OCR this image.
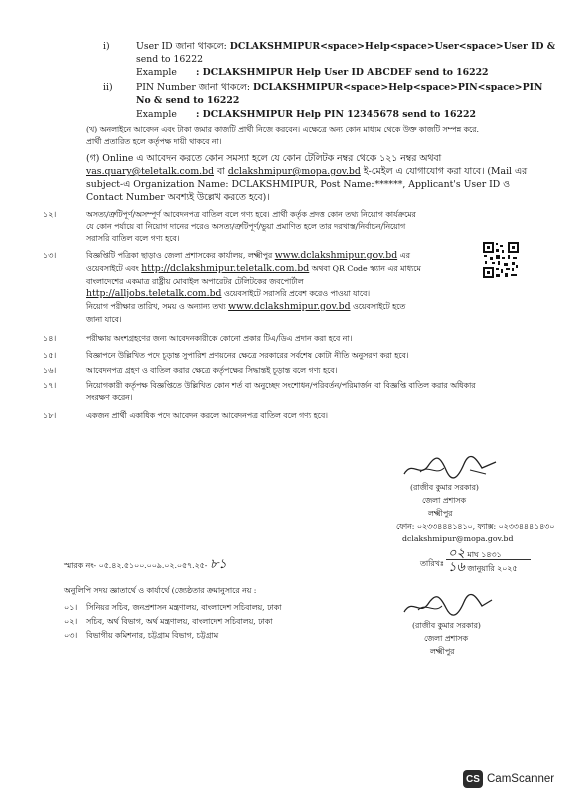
i)	User ID জানা থাকলে: DCLAKSHMIPUR<space>Help<space>User<space>User ID &
send to 16222
Example : DCLAKSHMIPUR Help User ID ABCDEF send to 16222
ii)	PIN Number জানা থাকলে: DCLAKSHMIPUR<space>Help<space>PIN<space>PIN
No & send to 16222
Example : DCLAKSHMIPUR Help PIN 12345678 send to 16222
(খ) অনলাইনে আবেদন এবং টাকা জমার কাজটি প্রার্থী নিজে করবেন। এক্ষেত্রে অন্য কোন মাধ্যম থেকে উক্ত কাজটি সম্পন্ন করে.
প্রার্থী প্রতারিত হলে কর্তৃপক্ষ দায়ী থাকবে না।
(গ) Online এ আবেদন করতে কোন সমস্যা হলে যে কোন টেলিটক নম্বর থেকে ১২১ নম্বর অথবা
vas.quary@teletalk.com.bd বা dclakshmipur@mopa.gov.bd ই-মেইল এ যোগাযোগ করা যাবে। (Mail এর
subject-এ Organization Name: DCLAKSHMIPUR, Post Name:******, Applicant's User ID ও
Contact Number অবশ্যই উল্লেখ করতে হবে)।
১২।	অসত্য/ত্রুটিপূর্ণ/অসম্পূর্ণ আবেদনপত্র বাতিল বলে গণ্য হবে। প্রার্থী কর্তৃক প্রদত্ত কোন তথ্য নিয়োগ কার্যক্রমের
যে কোন পর্যায়ে বা নিয়োগ দানের পরেও অসত্য/ত্রুটিপূর্ণ/ভুয়া প্রমাণিত হলে তার দরখাস্ত/নির্বাচন/নিয়োগ
সরাসরি বাতিল বলে গণ্য হবে।
১৩।	বিজ্ঞপ্তিটি পত্রিকা ছাড়াও জেলা প্রশাসকের কার্যালয়, লক্ষ্মীপুর www.dclakshmipur.gov.bd এর
ওয়েবসাইটে এবং http://dclakshmipur.teletalk.com.bd অথবা QR Code স্ক্যান এর মাধ্যমে
বাংলাদেশের একমাত্র রাষ্ট্রীয় মোবাইল অপারেটর টেলিটকের জবপোর্টাল
http://alljobs.teletalk.com.bd ওয়েবসাইটে সরাসরি প্রবেশ করেও পাওয়া যাবে।
নিয়োগ পরীক্ষার তারিখ, সময় ও অন্যান্য তথ্য www.dclakshmipur.gov.bd ওয়েবসাইটে হতে
জানা যাবে।
১৪।	পরীক্ষায় অংশগ্রহণের জন্য আবেদনকারীকে কোনো প্রকার টিএ/ডিএ প্রদান করা হবে না।
১৫।	বিজ্ঞাপনে উল্লিখিত পদে চূড়ান্ত সুপারিশ প্রণয়নের ক্ষেত্রে সরকারের সর্বশেষ কোটা নীতি অনুসরণ করা হবে।
১৬।	আবেদনপত্র গ্রহণ ও বাতিল করার ক্ষেত্রে কর্তৃপক্ষের সিদ্ধান্তই চূড়ান্ত বলে গণ্য হবে।
১৭।	নিয়োগকারী কর্তৃপক্ষ বিজ্ঞপ্তিতে উল্লিখিত কোন শর্ত বা অনুচ্ছেদ সংশোধন/পরিবর্তন/পরিমার্জন বা বিজ্ঞপ্তি বাতিল করার অধিকার
সংরক্ষণ করেন।
১৮।	একজন প্রার্থী একাধিক পদে আবেদন করলে আবেদনপত্র বাতিল বলে গণ্য হবে।
(রাজীব কুমার সরকার)
জেলা প্রশাসক
লক্ষ্মীপুর
ফোন: ০২৩৩৪৪৪১৪১০, ফ্যাক্স: ০২৩৩৪৪৪১৪৩০
dclakshmipur@mopa.gov.bd
স্মারক নং- ০৫.৪২.৫১০০.০০৯.০২.০৫৭.২৫- ৮১	তারিখঃ
০২ মাঘ ১৪৩১
১৬ জানুয়ারি ২০২৫
অনুলিপি সদয় জ্ঞাতার্থে ও কার্যার্থে (জ্যেষ্ঠতার ক্রমানুসারে নয় :
০১। সিনিয়র সচিব, জনপ্রশাসন মন্ত্রণালয়, বাংলাদেশ সচিবালয়, ঢাকা
০২। সচিব, অর্থ বিভাগ, অর্থ মন্ত্রণালয়, বাংলাদেশ সচিবালয়, ঢাকা
০৩। বিভাগীয় কমিশনার, চট্টগ্রাম বিভাগ, চট্টগ্রাম
(রাজীব কুমার সরকার)
জেলা প্রশাসক
লক্ষ্মীপুর
CS CamScanner
